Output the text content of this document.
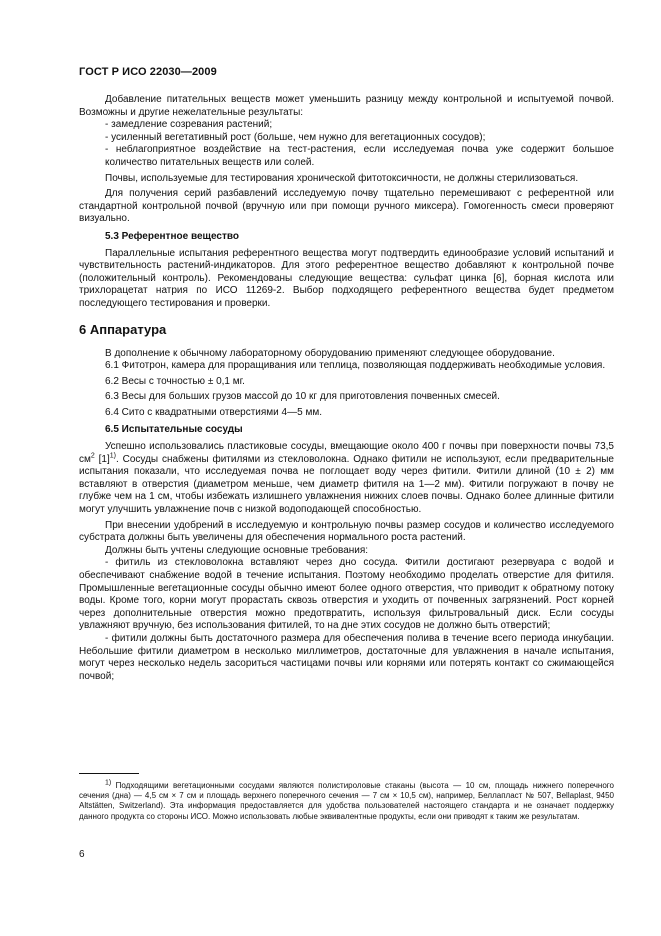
ГОСТ Р ИСО 22030—2009

Добавление питательных веществ может уменьшить разницу между контрольной и испытуемой почвой. Возможны и другие нежелательные результаты:

- замедление созревания растений;

- усиленный вегетативный рост (больше, чем нужно для вегетационных сосудов);

- неблагоприятное воздействие на тест-растения, если исследуемая почва уже содержит большое количество питательных веществ или солей.

Почвы, используемые для тестирования хронической фитотоксичности, не должны стерилизоваться.

Для получения серий разбавлений исследуемую почву тщательно перемешивают с референтной или стандартной контрольной почвой (вручную или при помощи ручного миксера). Гомогенность смеси проверяют визуально.

5.3 Референтное вещество

Параллельные испытания референтного вещества могут подтвердить единообразие условий испытаний и чувствительность растений-индикаторов. Для этого референтное вещество добавляют к контрольной почве (положительный контроль). Рекомендованы следующие вещества: сульфат цинка [6], борная кислота или трихлорацетат натрия по ИСО 11269-2. Выбор подходящего референтного вещества будет предметом последующего тестирования и проверки.

6 Аппаратура

В дополнение к обычному лабораторному оборудованию применяют следующее оборудование.

6.1 Фитотрон, камера для проращивания или теплица, позволяющая поддерживать необходимые условия.

6.2 Весы с точностью ± 0,1 мг.

6.3 Весы для больших грузов массой до 10 кг для приготовления почвенных смесей.

6.4 Сито с квадратными отверстиями 4—5 мм.

6.5 Испытательные сосуды

Успешно использовались пластиковые сосуды, вмещающие около 400 г почвы при поверхности почвы 73,5 $см^2$ $[1]^{1)}$. Сосуды снабжены фитилями из стекловолокна. Однако фитили не используют, если предварительные испытания показали, что исследуемая почва не поглощает воду через фитили. Фитили длиной (10 ± 2) мм вставляют в отверстия (диаметром меньше, чем диаметр фитиля на 1—2 мм). Фитили погружают в почву не глубже чем на 1 см, чтобы избежать излишнего увлажнения нижних слоев почвы. Однако более длинные фитили могут улучшить увлажнение почв с низкой водоподающей способностью.

При внесении удобрений в исследуемую и контрольную почвы размер сосудов и количество исследуемого субстрата должны быть увеличены для обеспечения нормального роста растений.

Должны быть учтены следующие основные требования:

- фитиль из стекловолокна вставляют через дно сосуда. Фитили достигают резервуара с водой и обеспечивают снабжение водой в течение испытания. Поэтому необходимо проделать отверстие для фитиля. Промышленные вегетационные сосуды обычно имеют более одного отверстия, что приводит к обратному потоку воды. Кроме того, корни могут прорастать сквозь отверстия и уходить от почвенных загрязнений. Рост корней через дополнительные отверстия можно предотвратить, используя фильтровальный диск. Если сосуды увлажняют вручную, без использования фитилей, то на дне этих сосудов не должно быть отверстий;

- фитили должны быть достаточного размера для обеспечения полива в течение всего периода инкубации. Небольшие фитили диаметром в несколько миллиметров, достаточные для увлажнения в начале испытания, могут через несколько недель засориться частицами почвы или корнями или потерять контакт со сжимающейся почвой;

$^{1)}$ Подходящими вегетационными сосудами являются полистироловые стаканы (высота — 10 см, площадь нижнего поперечного сечения (дна) — 4,5 см × 7 см и площадь верхнего поперечного сечения — 7 см × 10,5 см), например, Беллапласт № 507, Bellaplast, 9450 Altstätten, Switzerland). Эта информация предоставляется для удобства пользователей настоящего стандарта и не означает поддержку данного продукта со стороны ИСО. Можно использовать любые эквивалентные продукты, если они приводят к таким же результатам.

6
